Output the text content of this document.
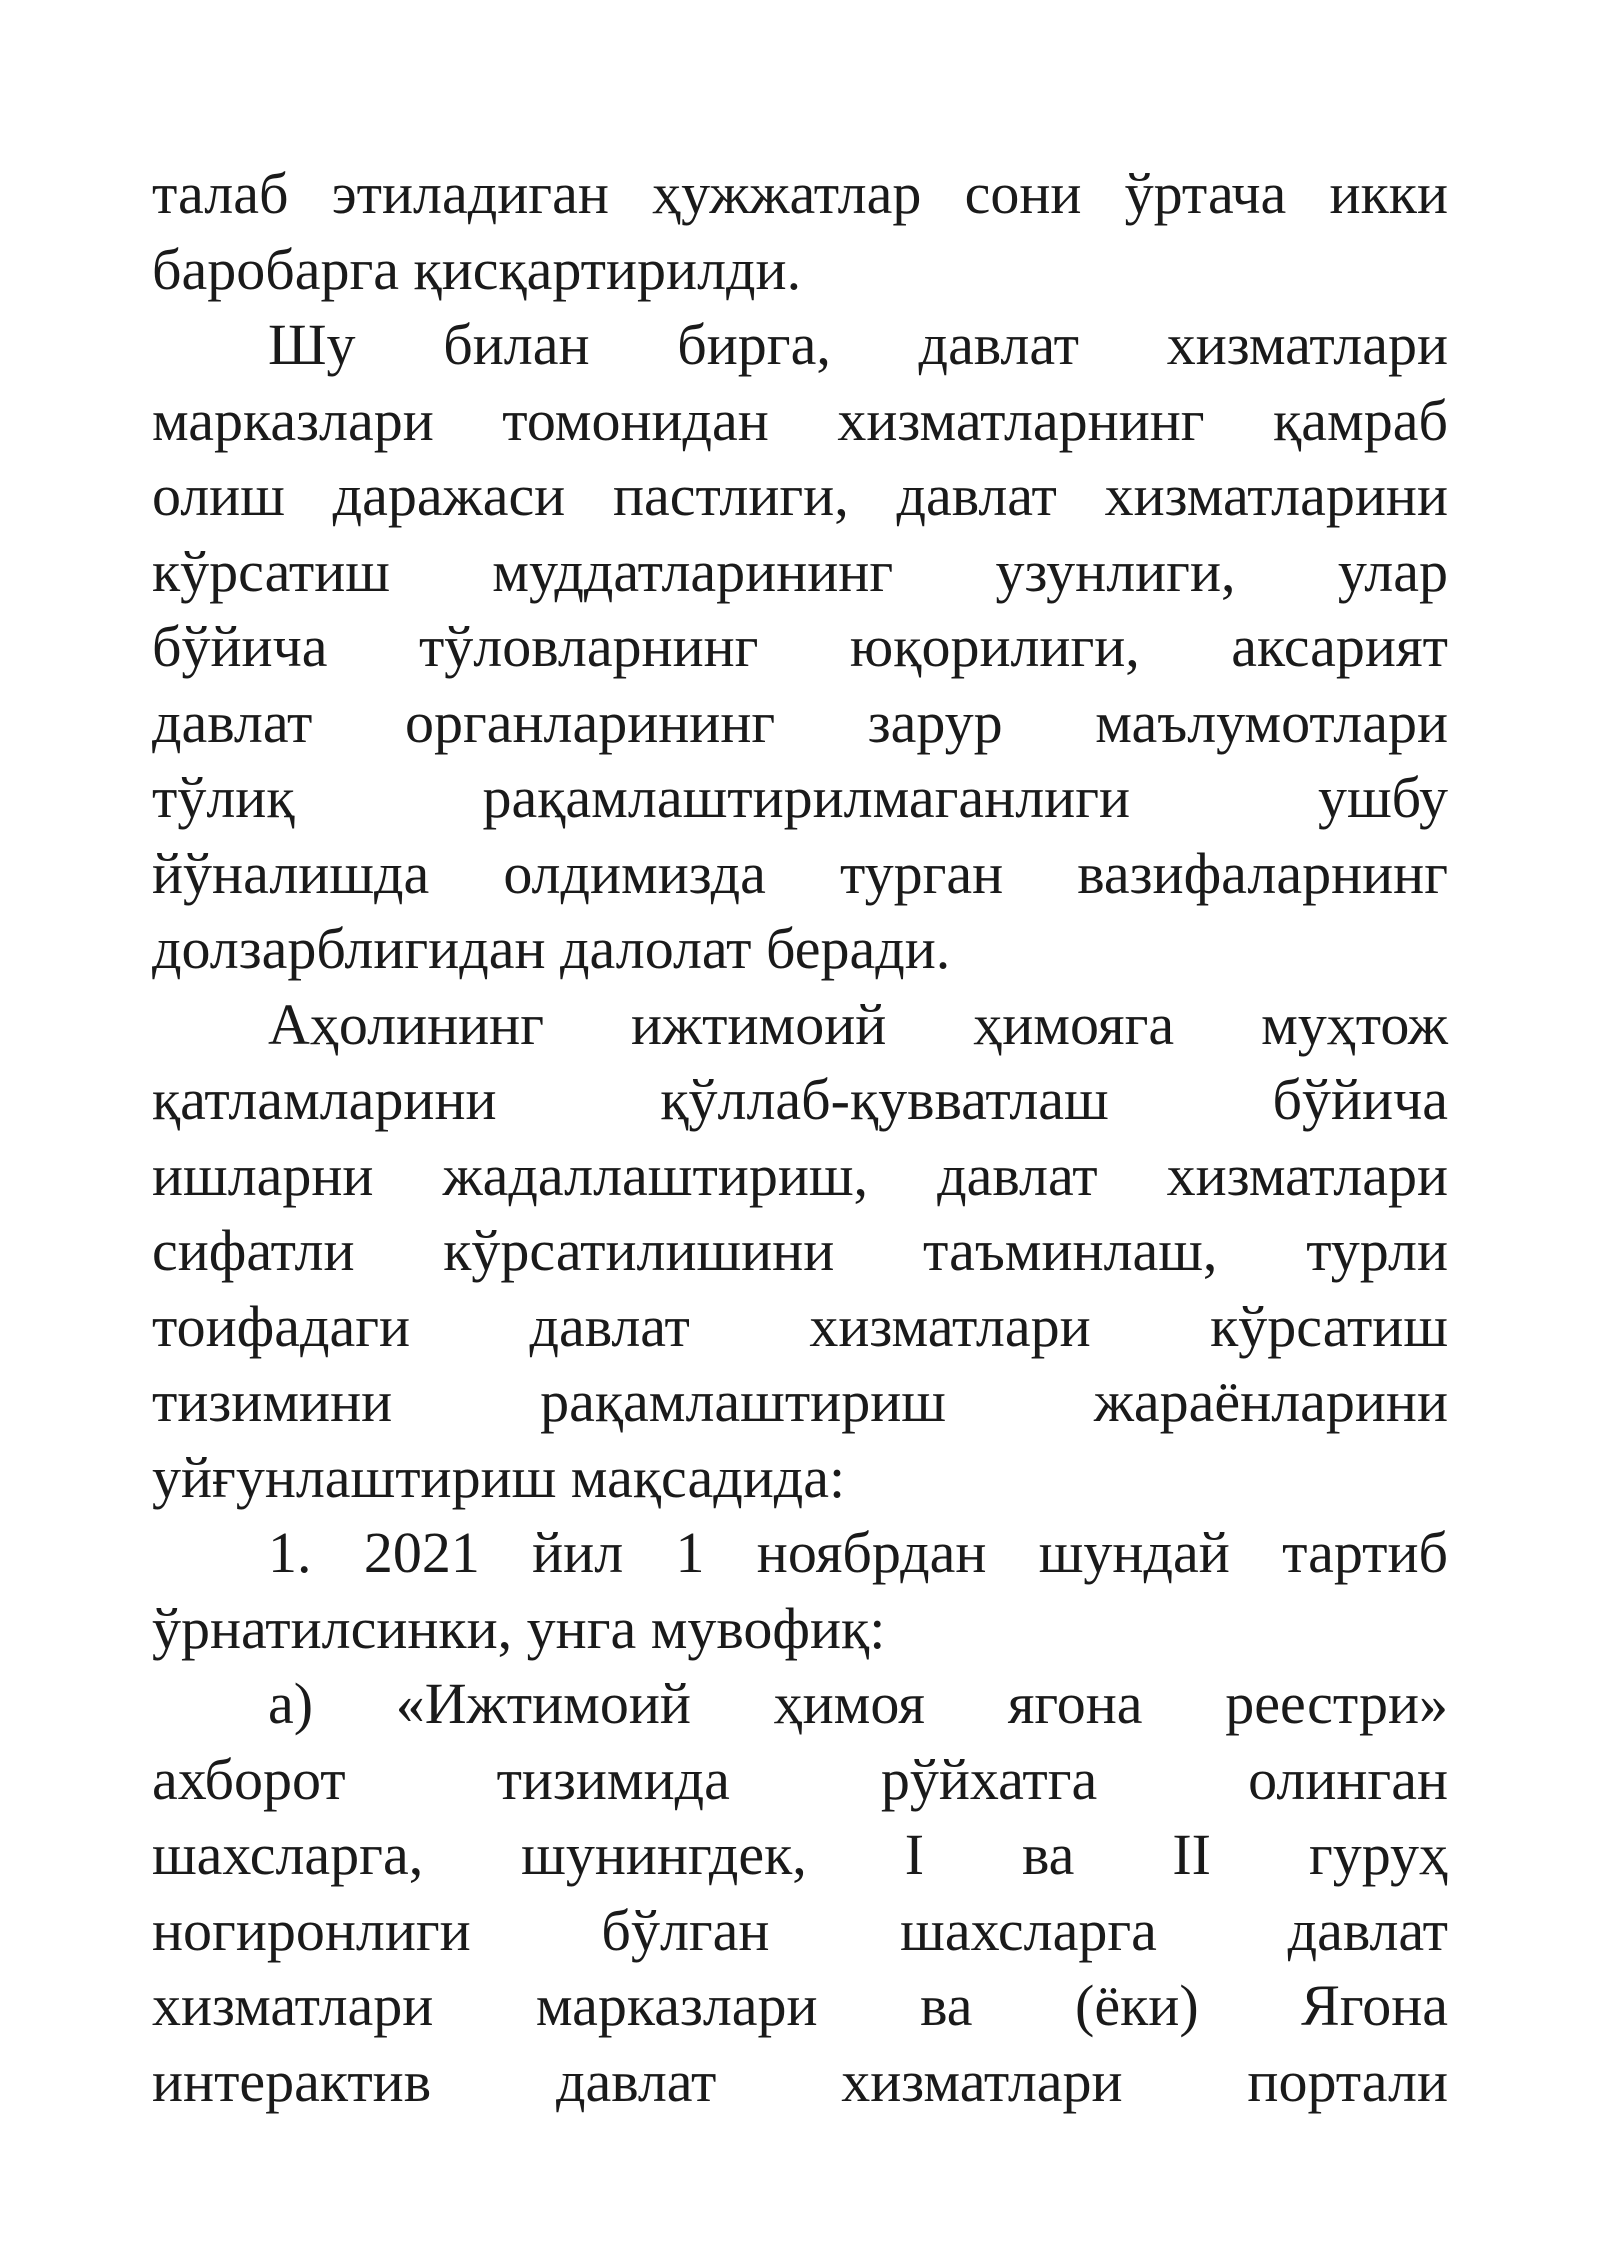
талаб этиладиган ҳужжатлар сони ўртача икки
баробарга қисқартирилди.
Шу билан бирга, давлат хизматлари
марказлари томонидан хизматларнинг қамраб
олиш даражаси пастлиги, давлат хизматларини
кўрсатиш муддатларининг узунлиги, улар
бўйича тўловларнинг юқорилиги, аксарият
давлат органларининг зарур маълумотлари
тўлиқ рақамлаштирилмаганлиги ушбу
йўналишда олдимизда турган вазифаларнинг
долзарблигидан далолат беради.
Аҳолининг ижтимоий ҳимояга муҳтож
қатламларини қўллаб-қувватлаш бўйича
ишларни жадаллаштириш, давлат хизматлари
сифатли кўрсатилишини таъминлаш, турли
тоифадаги давлат хизматлари кўрсатиш
тизимини рақамлаштириш жараёнларини
уйғунлаштириш мақсадида:
1. 2021 йил 1 ноябрдан шундай тартиб
ўрнатилсинки, унга мувофиқ:
а) «Ижтимоий ҳимоя ягона реестри»
ахборот тизимида рўйхатга олинган
шахсларга, шунингдек, I ва II гуруҳ
ногиронлиги бўлган шахсларга давлат
хизматлари марказлари ва (ёки) Ягона
интерактив давлат хизматлари портали
